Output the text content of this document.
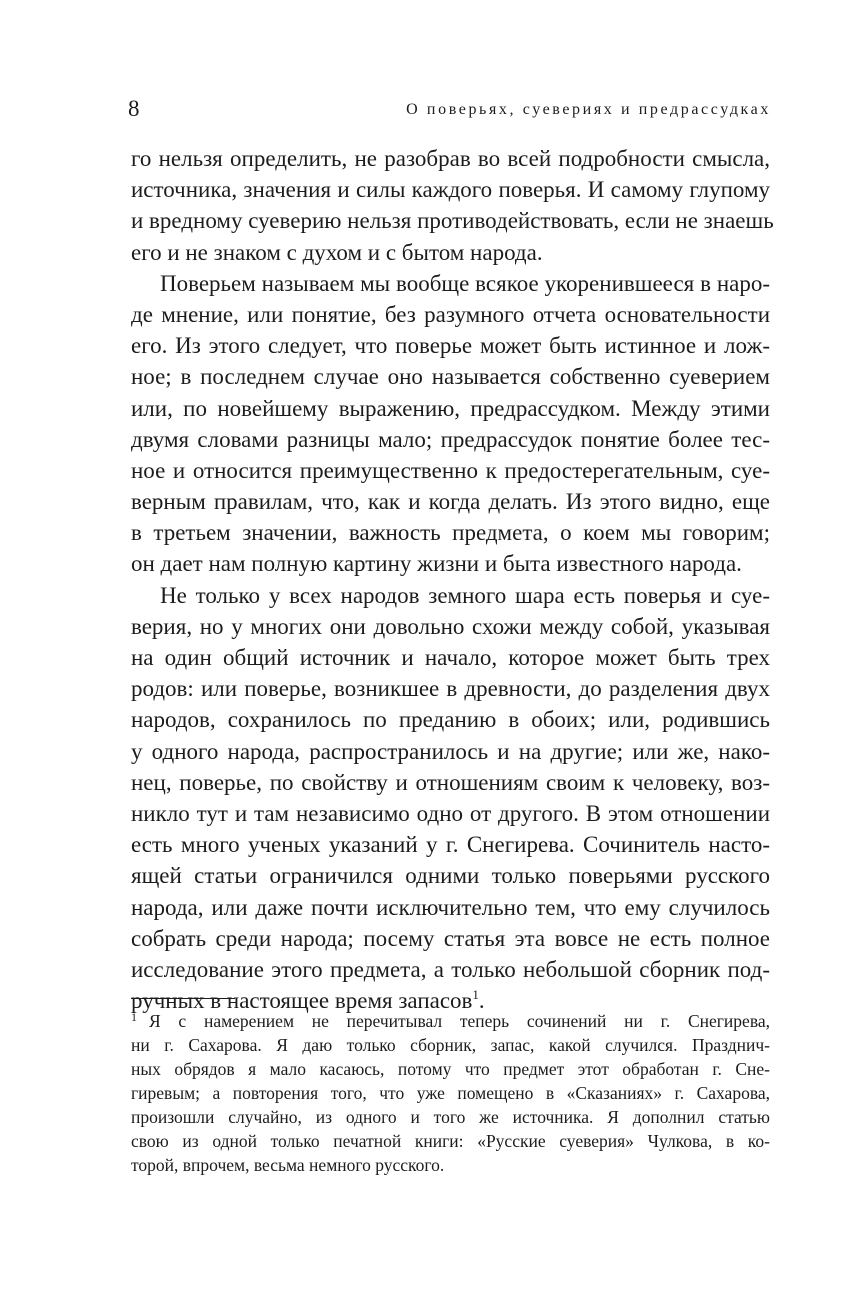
8	О поверьях, суевериях и предрассудках
го нельзя определить, не разобрав во всей подробности смысла,
источника, значения и силы каждого поверья. И самому глупому
и вредному суеверию нельзя противодействовать, если не знаешь
его и не знаком с духом и с бытом народа.
Поверьем называем мы вообще всякое укоренившееся в наро-
де мнение, или понятие, без разумного отчета основательности
его. Из этого следует, что поверье может быть истинное и лож-
ное; в последнем случае оно называется собственно суеверием
или, по новейшему выражению, предрассудком. Между этими
двумя словами разницы мало; предрассудок понятие более тес-
ное и относится преимущественно к предостерегательным, суе-
верным правилам, что, как и когда делать. Из этого видно, еще
в третьем значении, важность предмета, о коем мы говорим;
он дает нам полную картину жизни и быта известного народа.
Не только у всех народов земного шара есть поверья и суе-
верия, но у многих они довольно схожи между собой, указывая
на один общий источник и начало, которое может быть трех
родов: или поверье, возникшее в древности, до разделения двух
народов, сохранилось по преданию в обоих; или, родившись
у одного народа, распространилось и на другие; или же, нако-
нец, поверье, по свойству и отношениям своим к человеку, воз-
никло тут и там независимо одно от другого. В этом отношении
есть много ученых указаний у г. Снегирева. Сочинитель насто-
ящей статьи ограничился одними только поверьями русского
народа, или даже почти исключительно тем, что ему случилось
собрать среди народа; посему статья эта вовсе не есть полное
исследование этого предмета, а только небольшой сборник под-
ручных в настоящее время запасов$^1$.
$^1$ Я с намерением не перечитывал теперь сочинений ни г. Снегирева,
ни г. Сахарова. Я даю только сборник, запас, какой случился. Празднич-
ных обрядов я мало касаюсь, потому что предмет этот обработан г. Сне-
гиревым; а повторения того, что уже помещено в «Сказаниях» г. Сахарова,
произошли случайно, из одного и того же источника. Я дополнил статью
свою из одной только печатной книги: «Русские суеверия» Чулкова, в ко-
торой, впрочем, весьма немного русского.
